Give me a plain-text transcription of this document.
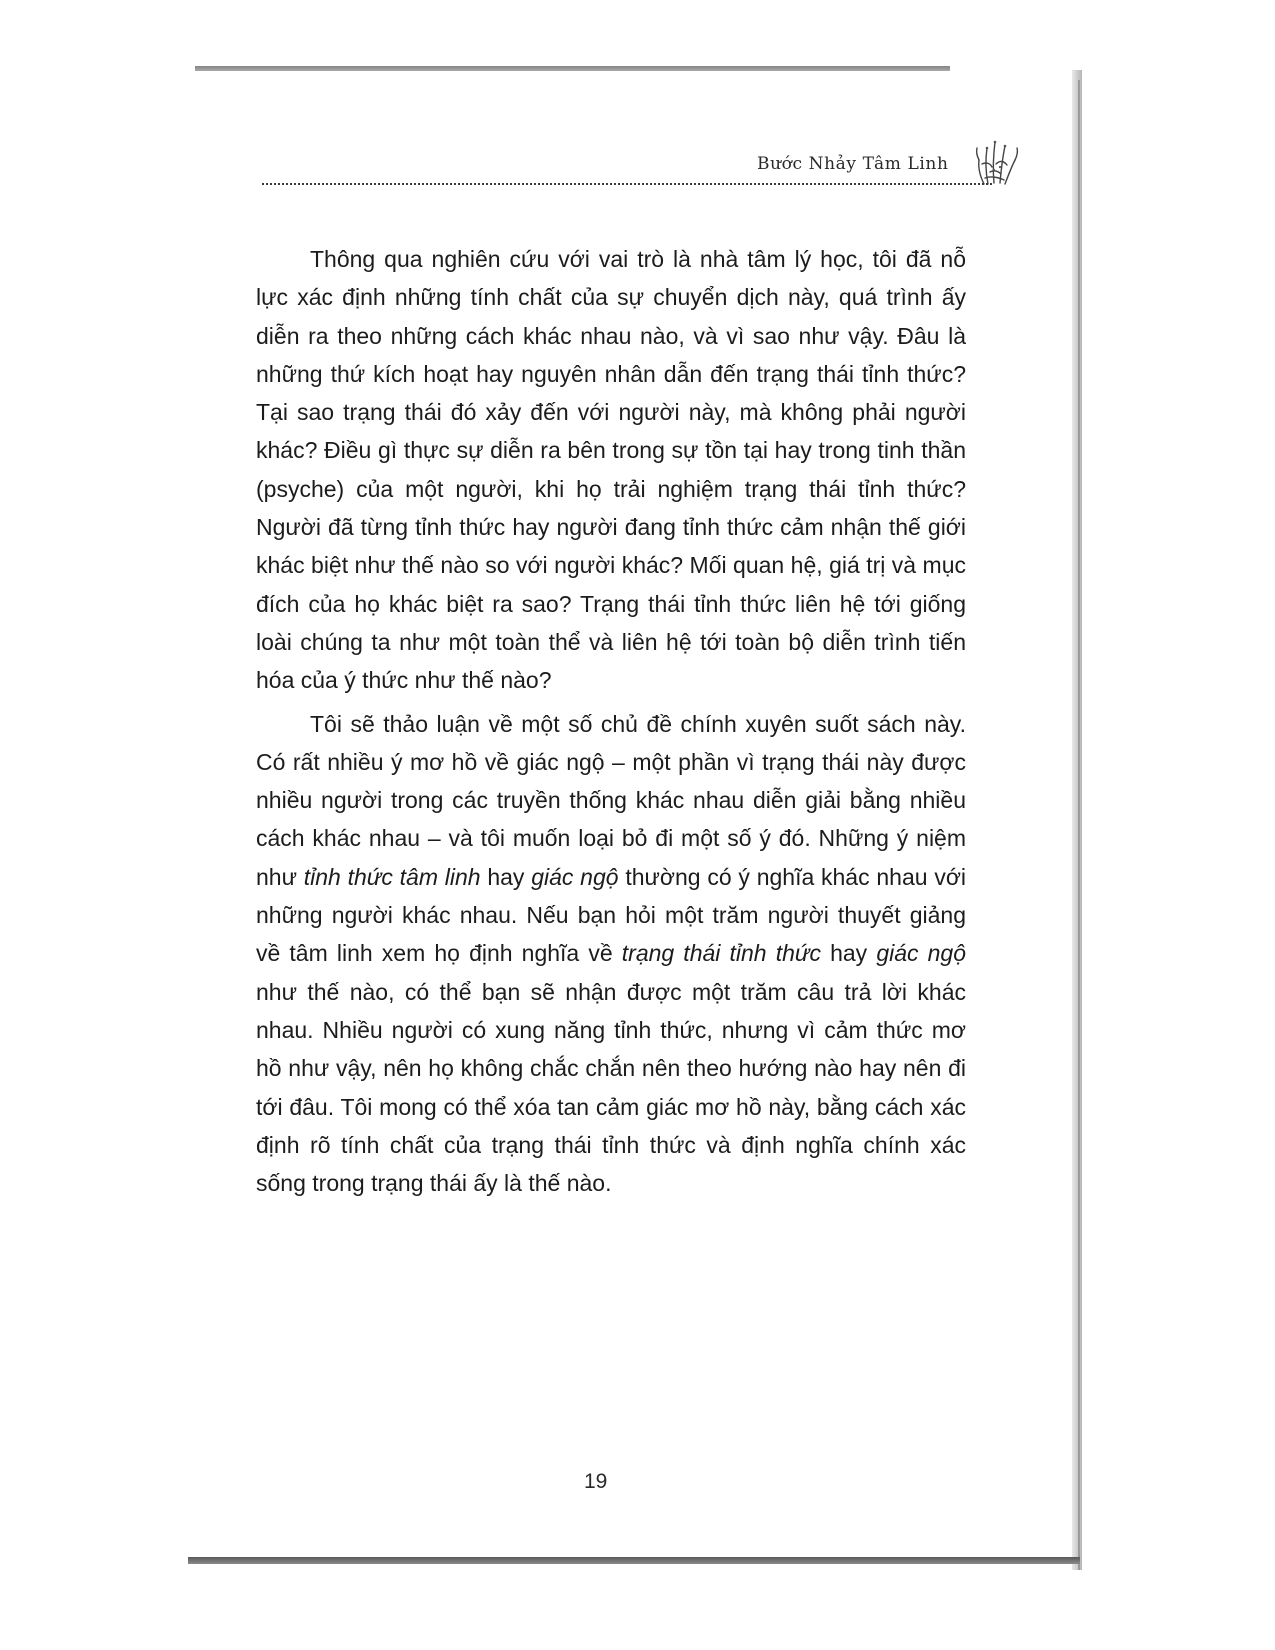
Bước Nhảy Tâm Linh

Thông qua nghiên cứu với vai trò là nhà tâm lý học, tôi đã nỗ lực xác định những tính chất của sự chuyển dịch này, quá trình ấy diễn ra theo những cách khác nhau nào, và vì sao như vậy. Đâu là những thứ kích hoạt hay nguyên nhân dẫn đến trạng thái tỉnh thức? Tại sao trạng thái đó xảy đến với người này, mà không phải người khác? Điều gì thực sự diễn ra bên trong sự tồn tại hay trong tinh thần (psyche) của một người, khi họ trải nghiệm trạng thái tỉnh thức? Người đã từng tỉnh thức hay người đang tỉnh thức cảm nhận thế giới khác biệt như thế nào so với người khác? Mối quan hệ, giá trị và mục đích của họ khác biệt ra sao? Trạng thái tỉnh thức liên hệ tới giống loài chúng ta như một toàn thể và liên hệ tới toàn bộ diễn trình tiến hóa của ý thức như thế nào?

Tôi sẽ thảo luận về một số chủ đề chính xuyên suốt sách này. Có rất nhiều ý mơ hồ về giác ngộ – một phần vì trạng thái này được nhiều người trong các truyền thống khác nhau diễn giải bằng nhiều cách khác nhau – và tôi muốn loại bỏ đi một số ý đó. Những ý niệm như tỉnh thức tâm linh hay giác ngộ thường có ý nghĩa khác nhau với những người khác nhau. Nếu bạn hỏi một trăm người thuyết giảng về tâm linh xem họ định nghĩa về trạng thái tỉnh thức hay giác ngộ như thế nào, có thể bạn sẽ nhận được một trăm câu trả lời khác nhau. Nhiều người có xung năng tỉnh thức, nhưng vì cảm thức mơ hồ như vậy, nên họ không chắc chắn nên theo hướng nào hay nên đi tới đâu. Tôi mong có thể xóa tan cảm giác mơ hồ này, bằng cách xác định rõ tính chất của trạng thái tỉnh thức và định nghĩa chính xác sống trong trạng thái ấy là thế nào.

19
